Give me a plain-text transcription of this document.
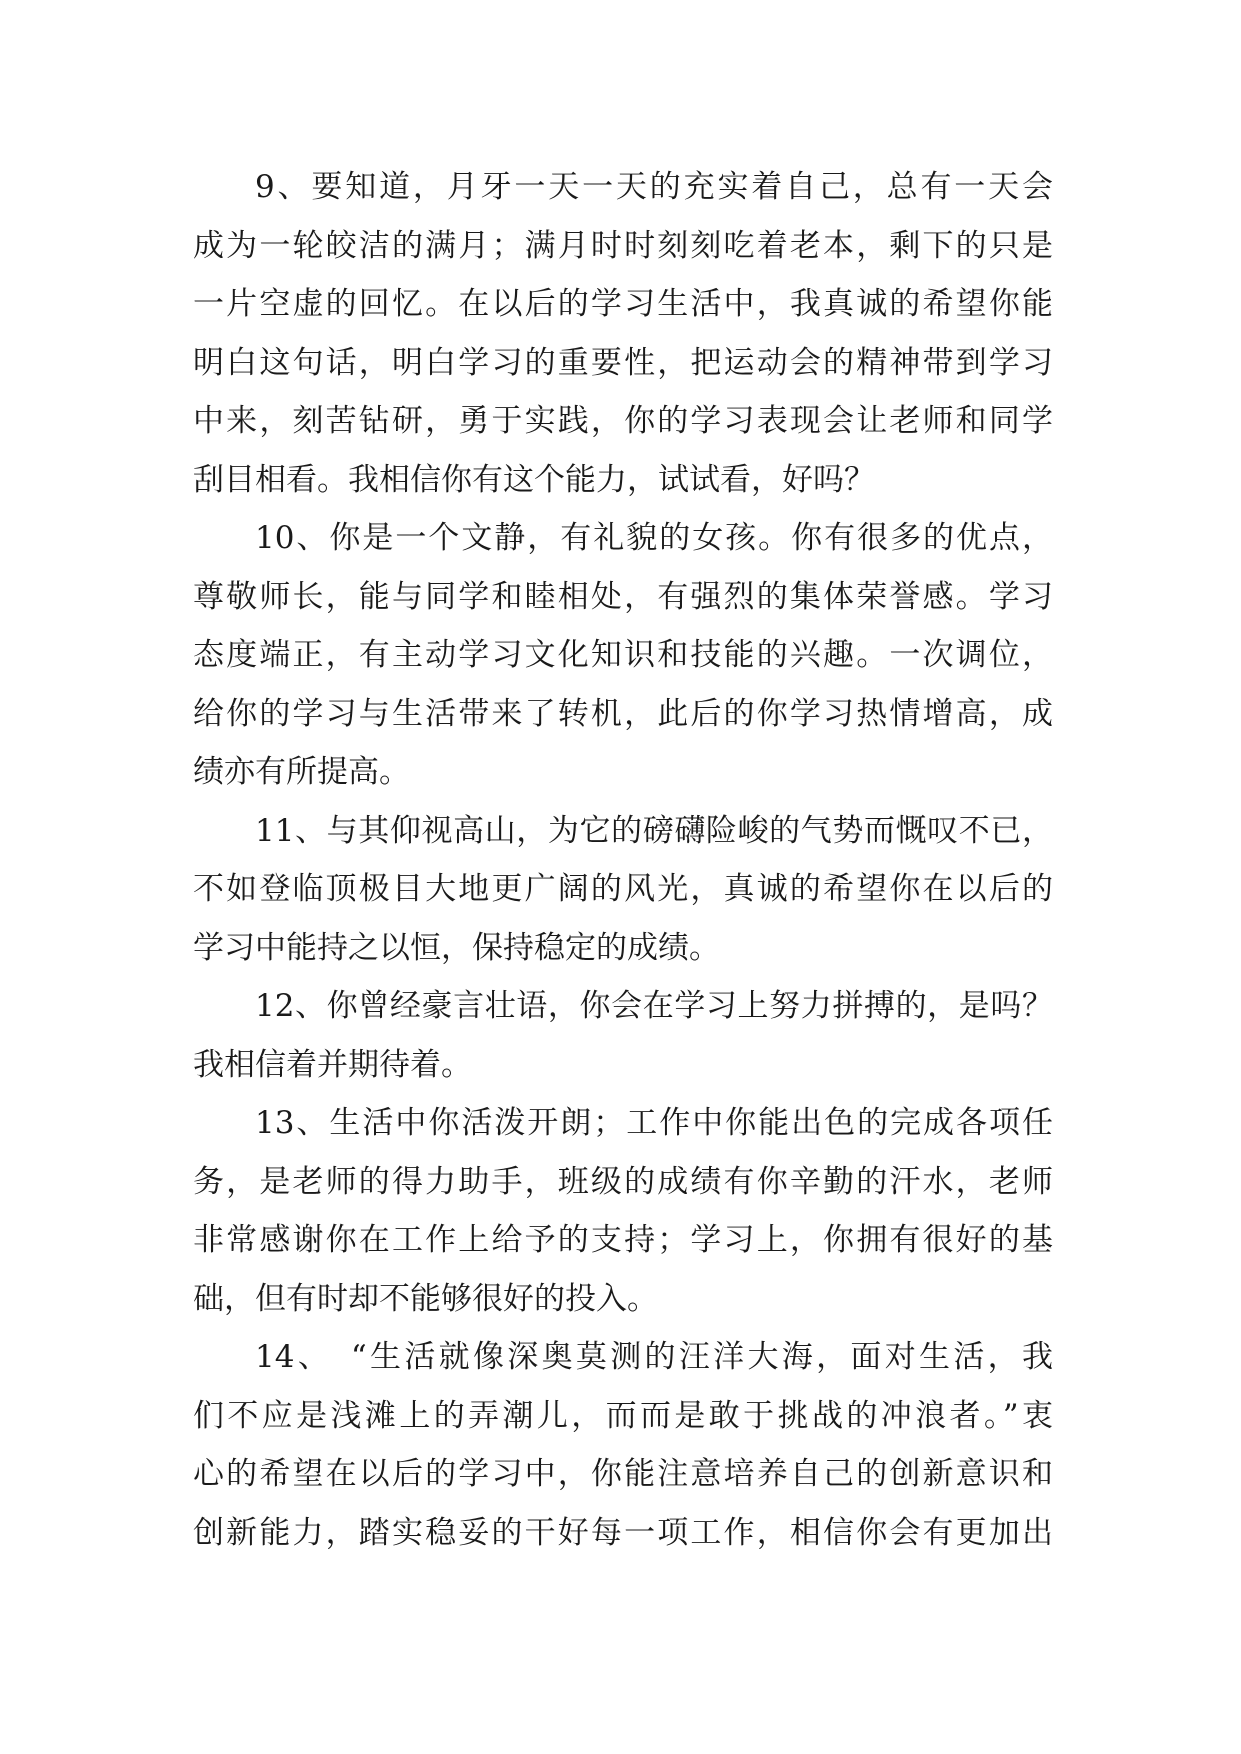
9、要知道，月牙一天一天的充实着自己，总有一天会
成为一轮皎洁的满月；满月时时刻刻吃着老本，剩下的只是
一片空虚的回忆。在以后的学习生活中，我真诚的希望你能
明白这句话，明白学习的重要性，把运动会的精神带到学习
中来，刻苦钻研，勇于实践，你的学习表现会让老师和同学
刮目相看。我相信你有这个能力，试试看，好吗？
10、你是一个文静，有礼貌的女孩。你有很多的优点，
尊敬师长，能与同学和睦相处，有强烈的集体荣誉感。学习
态度端正，有主动学习文化知识和技能的兴趣。一次调位，
给你的学习与生活带来了转机，此后的你学习热情增高，成
绩亦有所提高。
11、与其仰视高山，为它的磅礴险峻的气势而慨叹不已，
不如登临顶极目大地更广阔的风光，真诚的希望你在以后的
学习中能持之以恒，保持稳定的成绩。
12、你曾经豪言壮语，你会在学习上努力拼搏的，是吗？
我相信着并期待着。
13、生活中你活泼开朗；工作中你能出色的完成各项任
务，是老师的得力助手，班级的成绩有你辛勤的汗水，老师
非常感谢你在工作上给予的支持；学习上，你拥有很好的基
础，但有时却不能够很好的投入。
14、　“生活就像深奥莫测的汪洋大海，面对生活，我
们不应是浅滩上的弄潮儿，而而是敢于挑战的冲浪者。”衷
心的希望在以后的学习中，你能注意培养自己的创新意识和
创新能力，踏实稳妥的干好每一项工作，相信你会有更加出
